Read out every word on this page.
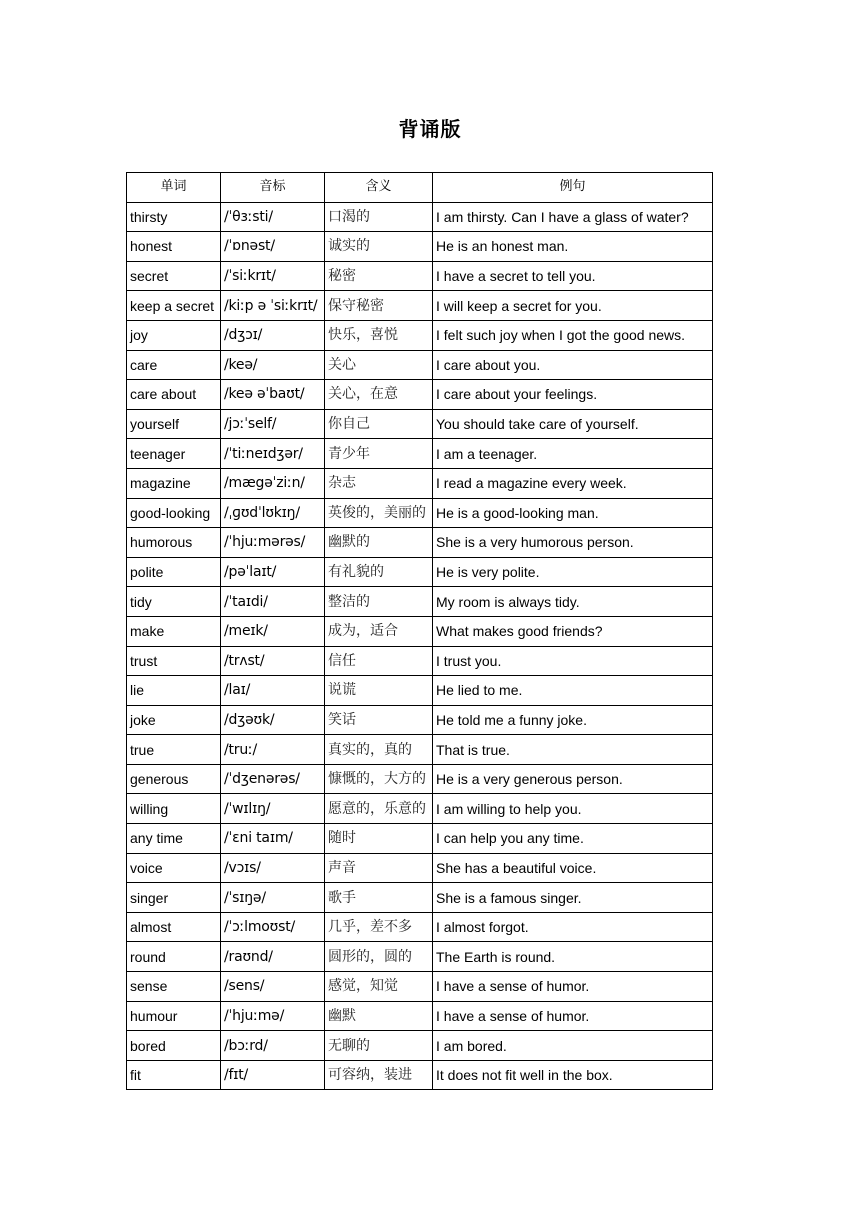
背诵版
单词	音标	含义	例句
thirsty	/ˈθɜːsti/	口渴的	I am thirsty. Can I have a glass of water?
honest	/ˈɒnəst/	诚实的	He is an honest man.
secret	/ˈsiːkrɪt/	秘密	I have a secret to tell you.
keep a secret	/kiːp ə ˈsiːkrɪt/	保守秘密	I will keep a secret for you.
joy	/dʒɔɪ/	快乐，喜悦	I felt such joy when I got the good news.
care	/keə/	关心	I care about you.
care about	/keə əˈbaʊt/	关心，在意	I care about your feelings.
yourself	/jɔːˈself/	你自己	You should take care of yourself.
teenager	/ˈtiːneɪdʒər/	青少年	I am a teenager.
magazine	/mægəˈziːn/	杂志	I read a magazine every week.
good-looking	/ˌɡʊdˈlʊkɪŋ/	英俊的，美丽的	He is a good-looking man.
humorous	/ˈhjuːmərəs/	幽默的	She is a very humorous person.
polite	/pəˈlaɪt/	有礼貌的	He is very polite.
tidy	/ˈtaɪdi/	整洁的	My room is always tidy.
make	/meɪk/	成为，适合	What makes good friends?
trust	/trʌst/	信任	I trust you.
lie	/laɪ/	说谎	He lied to me.
joke	/dʒəʊk/	笑话	He told me a funny joke.
true	/truː/	真实的，真的	That is true.
generous	/ˈdʒenərəs/	慷慨的，大方的	He is a very generous person.
willing	/ˈwɪlɪŋ/	愿意的，乐意的	I am willing to help you.
any time	/ˈɛni taɪm/	随时	I can help you any time.
voice	/vɔɪs/	声音	She has a beautiful voice.
singer	/ˈsɪŋə/	歌手	She is a famous singer.
almost	/ˈɔːlmoʊst/	几乎，差不多	I almost forgot.
round	/raʊnd/	圆形的，圆的	The Earth is round.
sense	/sens/	感觉，知觉	I have a sense of humor.
humour	/ˈhjuːmə/	幽默	I have a sense of humor.
bored	/bɔːrd/	无聊的	I am bored.
fit	/fɪt/	可容纳，装进	It does not fit well in the box.
